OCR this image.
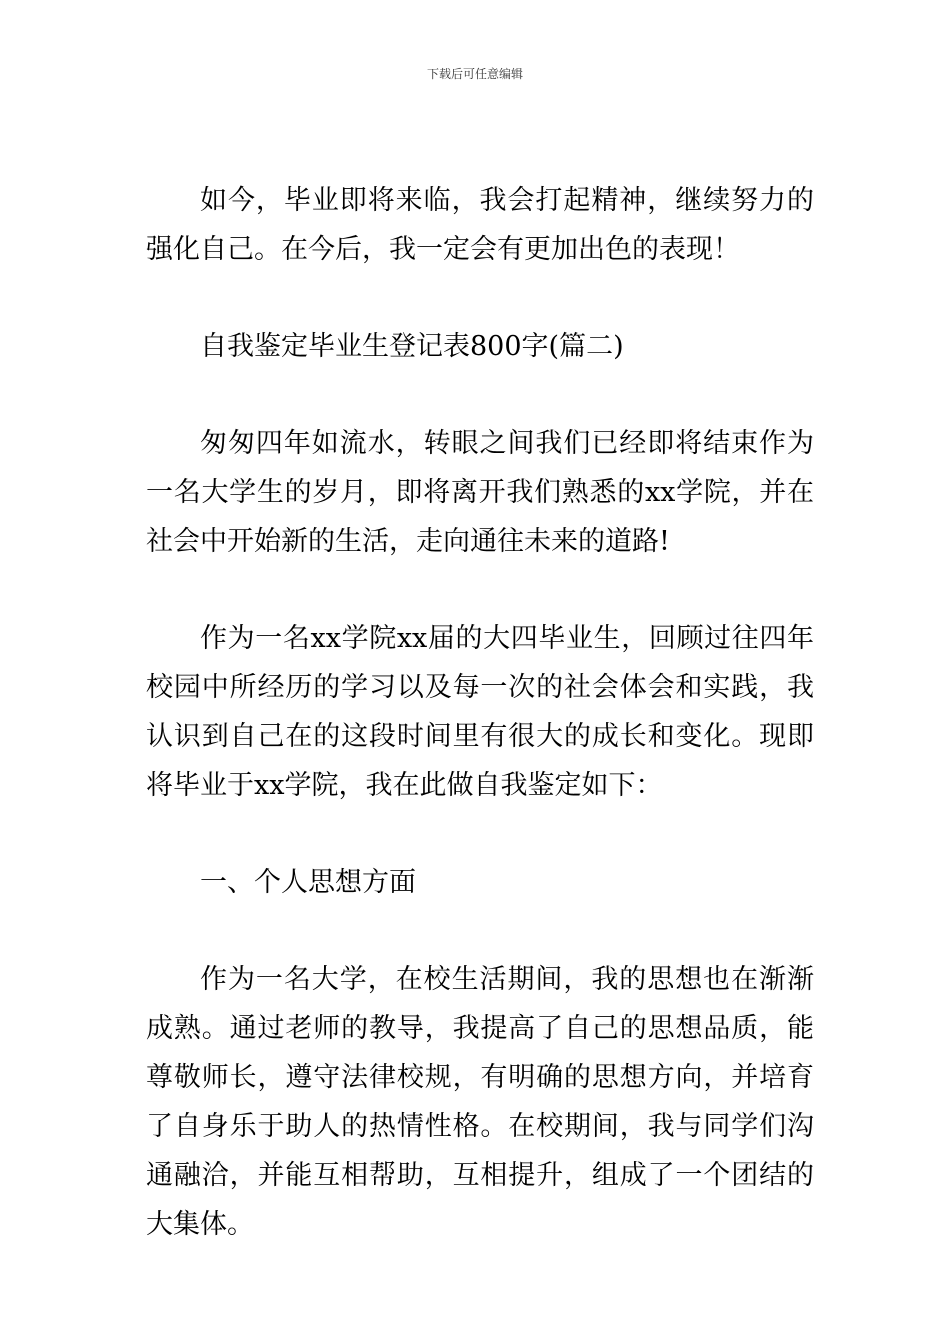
下载后可任意编辑

如今，毕业即将来临，我会打起精神，继续努力的强化自己。在今后，我一定会有更加出色的表现！

自我鉴定毕业生登记表800字(篇二)

匆匆四年如流水，转眼之间我们已经即将结束作为一名大学生的岁月，即将离开我们熟悉的xx学院，并在社会中开始新的生活，走向通往未来的道路!

作为一名xx学院xx届的大四毕业生，回顾过往四年校园中所经历的学习以及每一次的社会体会和实践，我认识到自己在的这段时间里有很大的成长和变化。现即将毕业于xx学院，我在此做自我鉴定如下：

一、个人思想方面

作为一名大学，在校生活期间，我的思想也在渐渐成熟。通过老师的教导，我提高了自己的思想品质，能尊敬师长，遵守法律校规，有明确的思想方向，并培育了自身乐于助人的热情性格。在校期间，我与同学们沟通融洽，并能互相帮助，互相提升，组成了一个团结的大集体。
